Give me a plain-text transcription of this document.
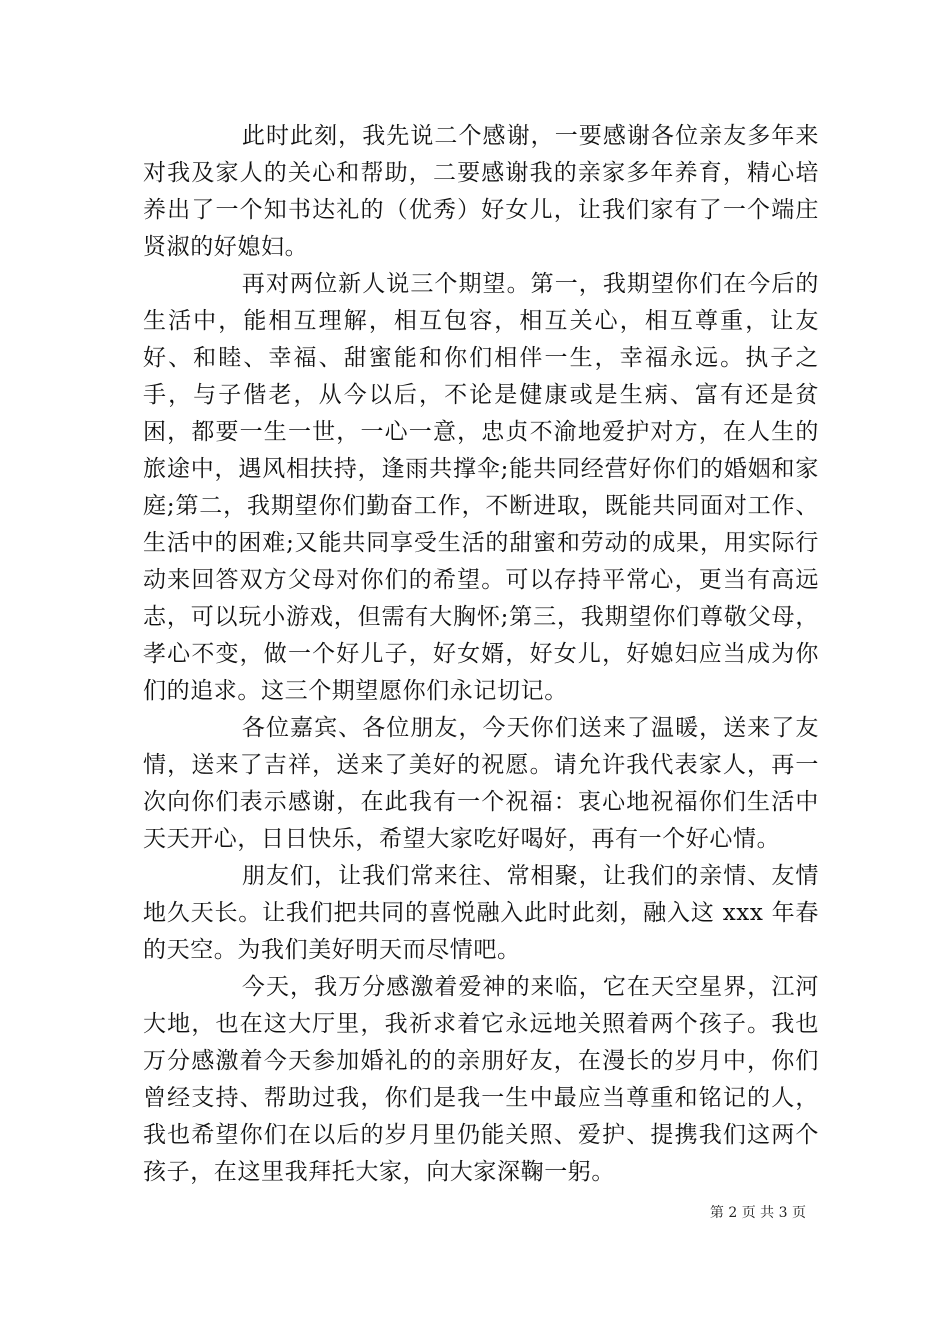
此时此刻，我先说二个感谢，一要感谢各位亲友多年来对我及家人的关心和帮助，二要感谢我的亲家多年养育，精心培养出了一个知书达礼的（优秀）好女儿，让我们家有了一个端庄贤淑的好媳妇。

再对两位新人说三个期望。第一，我期望你们在今后的生活中，能相互理解，相互包容，相互关心，相互尊重，让友好、和睦、幸福、甜蜜能和你们相伴一生，幸福永远。执子之手，与子偕老，从今以后，不论是健康或是生病、富有还是贫困，都要一生一世，一心一意，忠贞不渝地爱护对方，在人生的旅途中，遇风相扶持，逢雨共撑伞;能共同经营好你们的婚姻和家庭;第二，我期望你们勤奋工作，不断进取，既能共同面对工作、生活中的困难;又能共同享受生活的甜蜜和劳动的成果，用实际行动来回答双方父母对你们的希望。可以存持平常心，更当有高远志，可以玩小游戏，但需有大胸怀;第三，我期望你们尊敬父母，孝心不变，做一个好儿子，好女婿，好女儿，好媳妇应当成为你们的追求。这三个期望愿你们永记切记。

各位嘉宾、各位朋友，今天你们送来了温暖，送来了友情，送来了吉祥，送来了美好的祝愿。请允许我代表家人，再一次向你们表示感谢，在此我有一个祝福：衷心地祝福你们生活中天天开心，日日快乐，希望大家吃好喝好，再有一个好心情。

朋友们，让我们常来往、常相聚，让我们的亲情、友情地久天长。让我们把共同的喜悦融入此时此刻，融入这 xxx 年春的天空。为我们美好明天而尽情吧。

今天，我万分感激着爱神的来临，它在天空星界，江河大地，也在这大厅里，我祈求着它永远地关照着两个孩子。我也万分感激着今天参加婚礼的的亲朋好友，在漫长的岁月中，你们曾经支持、帮助过我，你们是我一生中最应当尊重和铭记的人，我也希望你们在以后的岁月里仍能关照、爱护、提携我们这两个孩子，在这里我拜托大家，向大家深鞠一躬。

第 2 页 共 3 页
